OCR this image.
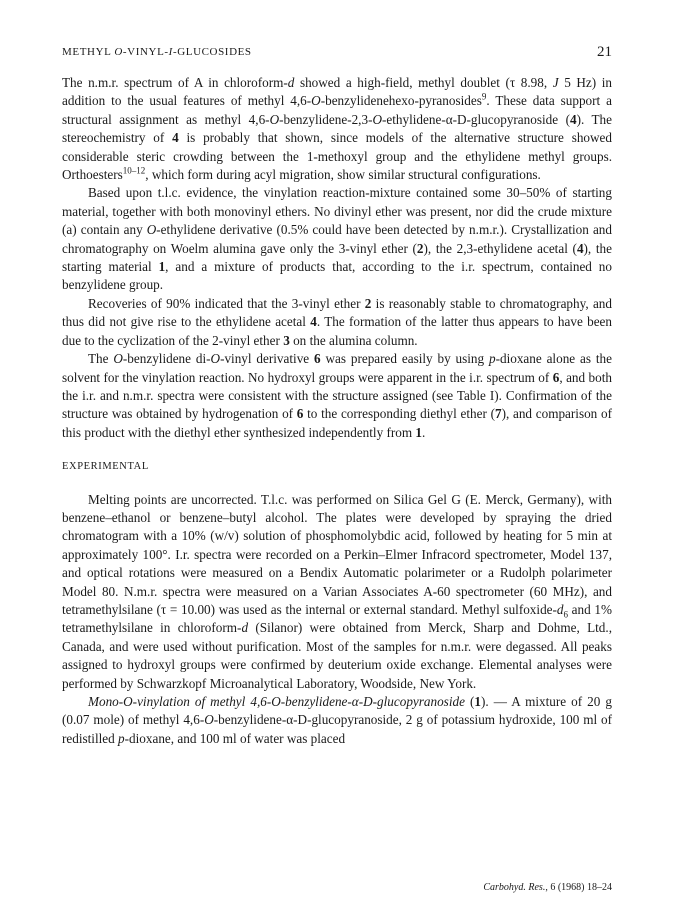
METHYL O-VINYL-I-GLUCOSIDES	21

The n.m.r. spectrum of A in chloroform-d showed a high-field, methyl doublet (τ 8.98, J 5 Hz) in addition to the usual features of methyl 4,6-O-benzylidenehexo-pyranosides$^9$. These data support a structural assignment as methyl 4,6-O-benzylidene-2,3-O-ethylidene-α-D-glucopyranoside (4). The stereochemistry of 4 is probably that shown, since models of the alternative structure showed considerable steric crowding between the 1-methoxyl group and the ethylidene methyl groups. Orthoesters$^{10-12}$, which form during acyl migration, show similar structural configurations.

Based upon t.l.c. evidence, the vinylation reaction-mixture contained some 30–50% of starting material, together with both monovinyl ethers. No divinyl ether was present, nor did the crude mixture (a) contain any O-ethylidene derivative (0.5% could have been detected by n.m.r.). Crystallization and chromatography on Woelm alumina gave only the 3-vinyl ether (2), the 2,3-ethylidene acetal (4), the starting material 1, and a mixture of products that, according to the i.r. spectrum, contained no benzylidene group.

Recoveries of 90% indicated that the 3-vinyl ether 2 is reasonably stable to chromatography, and thus did not give rise to the ethylidene acetal 4. The formation of the latter thus appears to have been due to the cyclization of the 2-vinyl ether 3 on the alumina column.

The O-benzylidene di-O-vinyl derivative 6 was prepared easily by using p-dioxane alone as the solvent for the vinylation reaction. No hydroxyl groups were apparent in the i.r. spectrum of 6, and both the i.r. and n.m.r. spectra were consistent with the structure assigned (see Table I). Confirmation of the structure was obtained by hydrogenation of 6 to the corresponding diethyl ether (7), and comparison of this product with the diethyl ether synthesized independently from 1.

EXPERIMENTAL

Melting points are uncorrected. T.l.c. was performed on Silica Gel G (E. Merck, Germany), with benzene–ethanol or benzene–butyl alcohol. The plates were developed by spraying the dried chromatogram with a 10% (w/v) solution of phosphomolybdic acid, followed by heating for 5 min at approximately 100°. I.r. spectra were recorded on a Perkin–Elmer Infracord spectrometer, Model 137, and optical rotations were measured on a Bendix Automatic polarimeter or a Rudolph polarimeter Model 80. N.m.r. spectra were measured on a Varian Associates A-60 spectrometer (60 MHz), and tetramethylsilane (τ = 10.00) was used as the internal or external standard. Methyl sulfoxide-$d_6$ and 1% tetramethylsilane in chloroform-d (Silanor) were obtained from Merck, Sharp and Dohme, Ltd., Canada, and were used without purification. Most of the samples for n.m.r. were degassed. All peaks assigned to hydroxyl groups were confirmed by deuterium oxide exchange. Elemental analyses were performed by Schwarzkopf Microanalytical Laboratory, Woodside, New York.

Mono-O-vinylation of methyl 4,6-O-benzylidene-α-D-glucopyranoside (1). — A mixture of 20 g (0.07 mole) of methyl 4,6-O-benzylidene-α-D-glucopyranoside, 2 g of potassium hydroxide, 100 ml of redistilled p-dioxane, and 100 ml of water was placed

Carbohyd. Res., 6 (1968) 18–24
